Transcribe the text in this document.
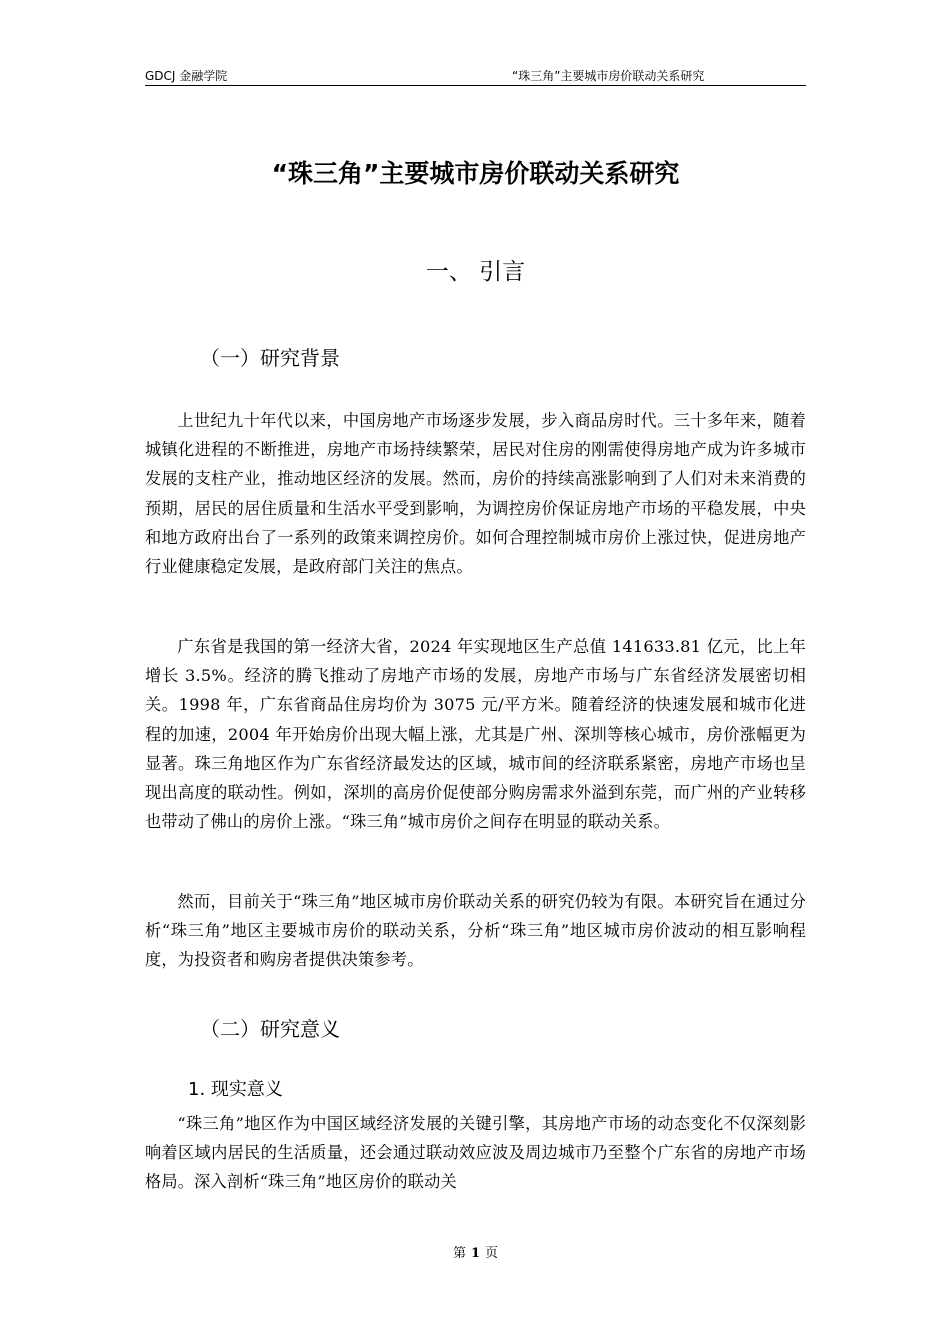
GDCJ 金融学院	“珠三角”主要城市房价联动关系研究
“珠三角”主要城市房价联动关系研究
一、 引言
（一）研究背景

上世纪九十年代以来，中国房地产市场逐步发展，步入商品房时代。三十多年来，随着城镇化进程的不断推进，房地产市场持续繁荣，居民对住房的刚需使得房地产成为许多城市发展的支柱产业，推动地区经济的发展。然而，房价的持续高涨影响到了人们对未来消费的预期，居民的居住质量和生活水平受到影响，为调控房价保证房地产市场的平稳发展，中央和地方政府出台了一系列的政策来调控房价。如何合理控制城市房价上涨过快，促进房地产行业健康稳定发展，是政府部门关注的焦点。

广东省是我国的第一经济大省，2024 年实现地区生产总值 141633.81 亿元，比上年增长 3.5%。经济的腾飞推动了房地产市场的发展，房地产市场与广东省经济发展密切相关。1998 年，广东省商品住房均价为 3075 元/平方米。随着经济的快速发展和城市化进程的加速，2004 年开始房价出现大幅上涨，尤其是广州、深圳等核心城市，房价涨幅更为显著。珠三角地区作为广东省经济最发达的区域，城市间的经济联系紧密，房地产市场也呈现出高度的联动性。例如，深圳的高房价促使部分购房需求外溢到东莞，而广州的产业转移也带动了佛山的房价上涨。“珠三角”城市房价之间存在明显的联动关系。

然而，目前关于“珠三角”地区城市房价联动关系的研究仍较为有限。本研究旨在通过分析“珠三角”地区主要城市房价的联动关系，分析“珠三角”地区城市房价波动的相互影响程度，为投资者和购房者提供决策参考。

（二）研究意义
1. 现实意义

“珠三角”地区作为中国区域经济发展的关键引擎，其房地产市场的动态变化不仅深刻影响着区域内居民的生活质量，还会通过联动效应波及周边城市乃至整个广东省的房地产市场格局。深入剖析“珠三角”地区房价的联动关

第 1 页
